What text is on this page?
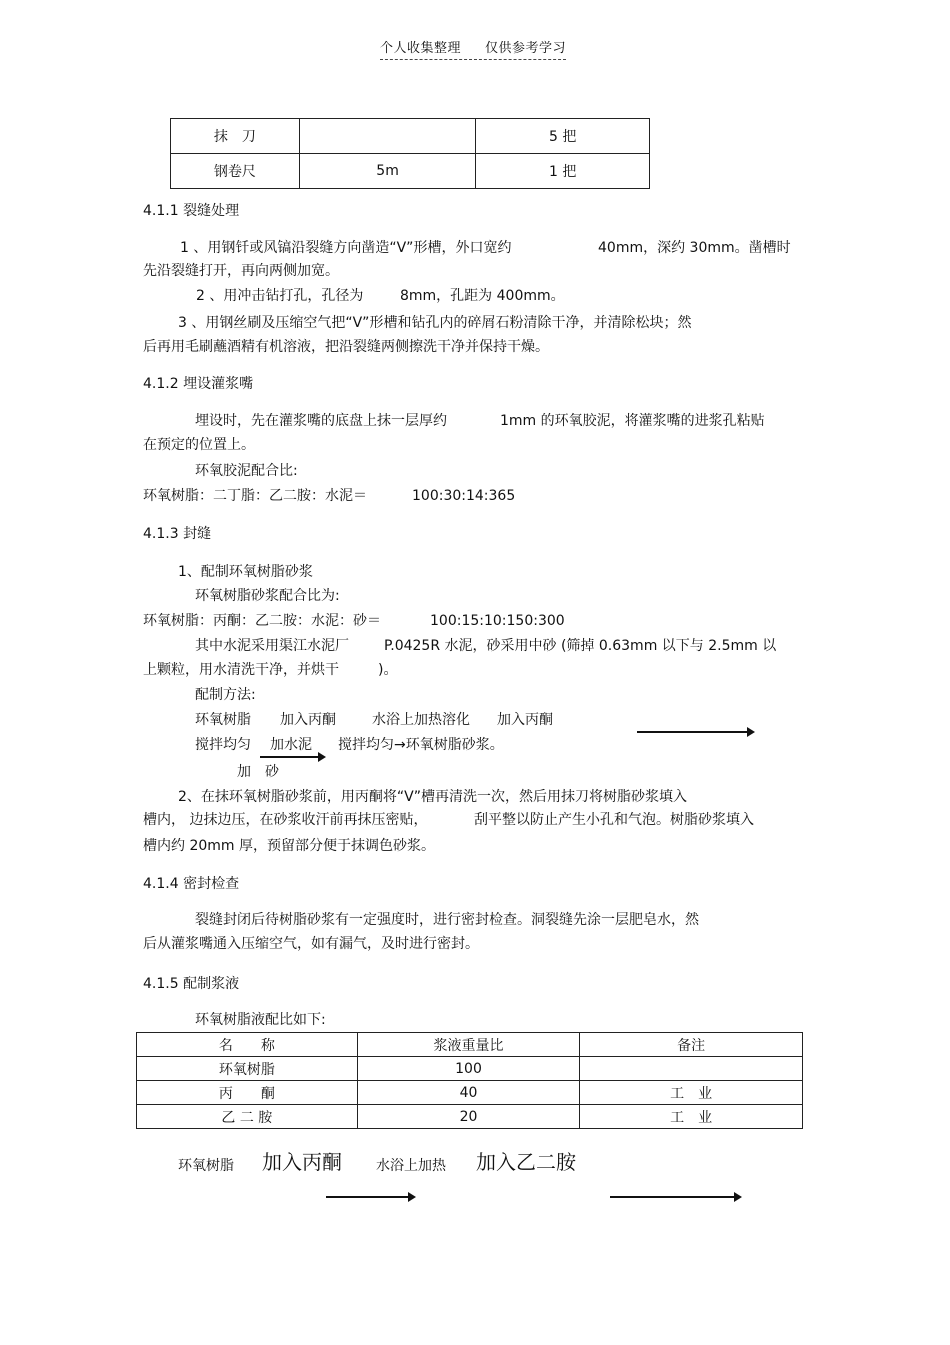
个人收集整理 仅供参考学习
抹　刀		5 把
钢卷尺	5m	1 把
4.1.1 裂缝处理
1 、用钢钎或风镐沿裂缝方向凿造“V”形槽，外口宽约	40mm，深约 30mm。凿槽时
先沿裂缝打开，再向两侧加宽。
2 、用冲击钻打孔，孔径为	8mm，孔距为 400mm。
3 、用钢丝刷及压缩空气把“V”形槽和钻孔内的碎屑石粉清除干净，并清除松块；然
后再用毛刷蘸酒精有机溶液，把沿裂缝两侧擦洗干净并保持干燥。
4.1.2 埋设灌浆嘴
埋设时，先在灌浆嘴的底盘上抹一层厚约	1mm 的环氧胶泥，将灌浆嘴的进浆孔粘贴
在预定的位置上。
环氧胶泥配合比:
环氧树脂：二丁脂：乙二胺：水泥＝	100:30:14:365
4.1.3 封缝
1、配制环氧树脂砂浆
环氧树脂砂浆配合比为:
环氧树脂：丙酮：乙二胺：水泥：砂＝	100:15:10:150:300
其中水泥采用渠江水泥厂	P.0425R 水泥，砂采用中砂 (筛掉 0.63mm 以下与 2.5mm 以
上颗粒，用水清洗干净，并烘干	)。
配制方法:
环氧树脂 加入丙酮	水浴上加热溶化 加入丙酮
搅拌均匀 加水泥 搅拌均匀→环氧树脂砂浆。
加　砂
2、在抹环氧树脂砂浆前，用丙酮将“V”槽再清洗一次，然后用抹刀将树脂砂浆填入
槽内， 边抹边压，在砂浆收汗前再抹压密贴，	刮平整以防止产生小孔和气泡。树脂砂浆填入
槽内约 20mm 厚，预留部分便于抹调色砂浆。
4.1.4 密封检查
裂缝封闭后待树脂砂浆有一定强度时，进行密封检查。洞裂缝先涂一层肥皂水，然
后从灌浆嘴通入压缩空气，如有漏气，及时进行密封。
4.1.5 配制浆液
环氧树脂液配比如下:
名　　称	浆液重量比	备注
环氧树脂	100	
丙　　酮	40	工　业
乙 二 胺	20	工　业
环氧树脂 加入丙酮 水浴上加热 加入乙二胺
